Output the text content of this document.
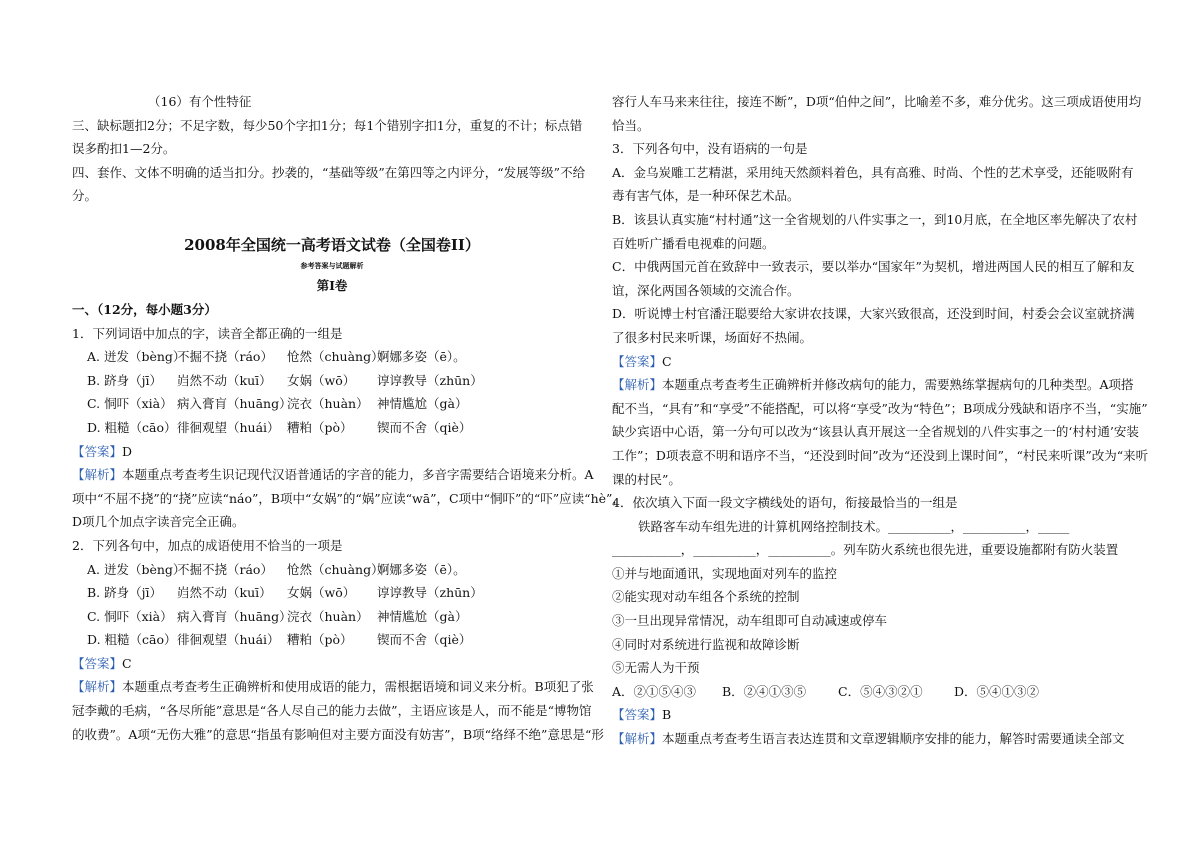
（16）有个性特征
三、缺标题扣2分；不足字数，每少50个字扣1分；每1个错别字扣1分，重复的不计；标点错
误多酌扣1—2分。
四、套作、文体不明确的适当扣分。抄袭的，“基础等级”在第四等之内评分，“发展等级”不给
分。
2008年全国统一高考语文试卷（全国卷II）
参考答案与试题解析
第I卷
一、（12分，每小题3分）
1．下列词语中加点的字，读音全都正确的一组是
A. 迸发（bèng）不掘不挠（ráo） 怆然（chuàng）婀娜多姿（ē）。
B. 跻身（jī） 岿然不动（kuī） 女娲（wō） 谆谆教导（zhūn）
C. 恫吓（xià） 病入膏肓（huāng）浣衣（huàn） 神情尴尬（gà）
D. 粗糙（cāo）徘徊观望（huái） 糟粕（pò） 锲而不舍（qiè）
【答案】D
【解析】本题重点考查考生识记现代汉语普通话的字音的能力，多音字需要结合语境来分析。A
项中“不屈不挠”的“挠”应读“náo”，B项中“女娲”的“娲”应读“wā”，C项中“恫吓”的“吓”应读“hè”，
D项几个加点字读音完全正确。
2．下列各句中，加点的成语使用不恰当的一项是
A. 迸发（bèng）不掘不挠（ráo） 怆然（chuàng）婀娜多姿（ē）。
B. 跻身（jī） 岿然不动（kuī） 女娲（wō） 谆谆教导（zhūn）
C. 恫吓（xià） 病入膏肓（huāng）浣衣（huàn） 神情尴尬（gà）
D. 粗糙（cāo）徘徊观望（huái） 糟粕（pò） 锲而不舍（qiè）
【答案】C
【解析】本题重点考查考生正确辨析和使用成语的能力，需根据语境和词义来分析。B项犯了张
冠李戴的毛病，“各尽所能”意思是“各人尽自己的能力去做”，主语应该是人，而不能是“博物馆
的收费”。A项“无伤大雅”的意思“指虽有影响但对主要方面没有妨害”，B项“络绎不绝”意思是“形
容行人车马来来往往，接连不断”，D项“伯仲之间”，比喻差不多，难分优劣。这三项成语使用均
恰当。
3．下列各句中，没有语病的一句是
A．金乌炭雕工艺精湛，采用纯天然颜料着色，具有高雅、时尚、个性的艺术享受，还能吸附有
毒有害气体，是一种环保艺术品。
B．该县认真实施“村村通”这一全省规划的八件实事之一，到10月底，在全地区率先解决了农村
百姓听广播看电视难的问题。
C．中俄两国元首在致辞中一致表示，要以举办“国家年”为契机，增进两国人民的相互了解和友
谊，深化两国各领域的交流合作。
D．听说博士村官潘汪聪要给大家讲农技课，大家兴致很高，还没到时间，村委会会议室就挤满
了很多村民来听课，场面好不热闹。
【答案】C
【解析】本题重点考查考生正确辨析并修改病句的能力，需要熟练掌握病句的几种类型。A项搭
配不当，“具有”和“享受”不能搭配，可以将“享受”改为“特色”；B项成分残缺和语序不当，“实施”
缺少宾语中心语，第一分句可以改为“该县认真开展这一全省规划的八件实事之一的‘村村通’安装
工作”；D项表意不明和语序不当，“还没到时间”改为“还没到上课时间”，“村民来听课”改为“来听
课的村民”。
4．依次填入下面一段文字横线处的语句，衔接最恰当的一组是
铁路客车动车组先进的计算机网络控制技术。__________，__________，_____
___________，__________，__________。列车防火系统也很先进，重要设施都附有防火装置
①并与地面通讯，实现地面对列车的监控
②能实现对动车组各个系统的控制
③一旦出现异常情况，动车组即可自动减速或停车
④同时对系统进行监视和故障诊断
⑤无需人为干预
A．②①⑤④③ B．②④①③⑤	C．⑤④③②①	D．⑤④①③②
【答案】B
【解析】本题重点考查考生语言表达连贯和文章逻辑顺序安排的能力，解答时需要通读全部文
